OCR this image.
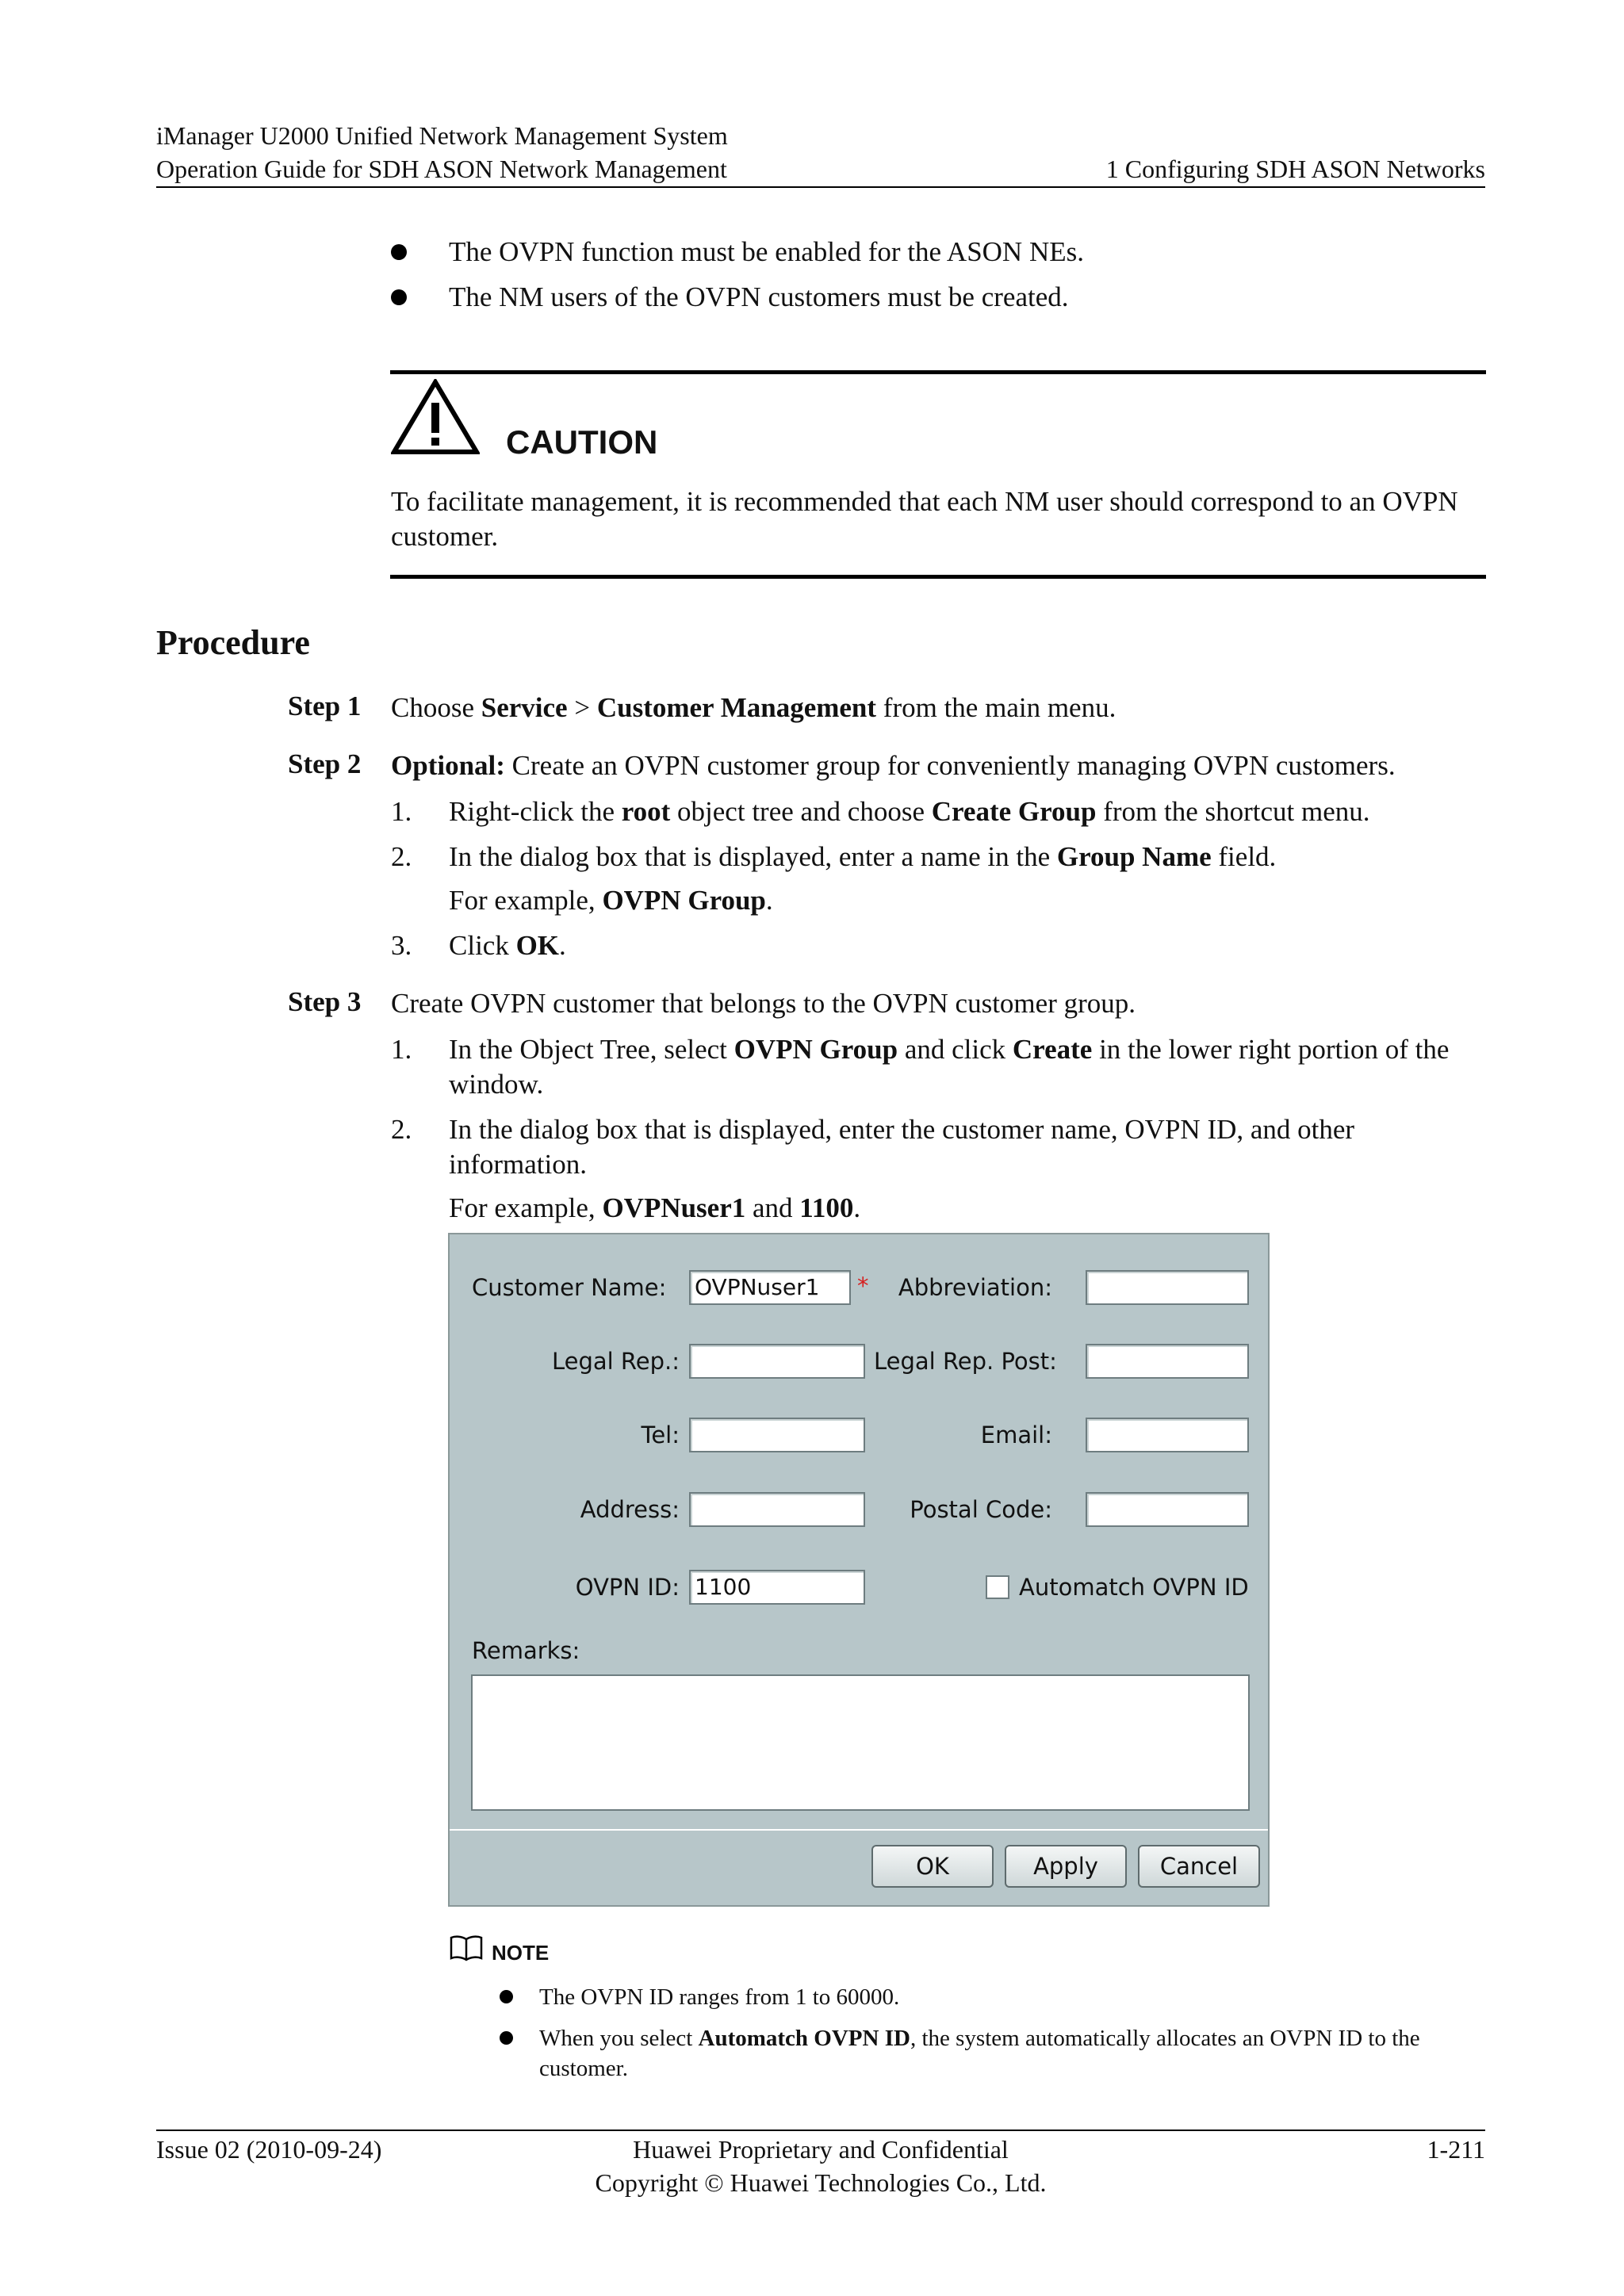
iManager U2000 Unified Network Management System
Operation Guide for SDH ASON Network Management	1 Configuring SDH ASON Networks
The OVPN function must be enabled for the ASON NEs.
The NM users of the OVPN customers must be created.
CAUTION
To facilitate management, it is recommended that each NM user should correspond to an OVPN customer.
Procedure
Step 1 Choose Service > Customer Management from the main menu.
Step 2 Optional: Create an OVPN customer group for conveniently managing OVPN customers.
1. Right-click the root object tree and choose Create Group from the shortcut menu.
2. In the dialog box that is displayed, enter a name in the Group Name field.
For example, OVPN Group.
3. Click OK.
Step 3 Create OVPN customer that belongs to the OVPN customer group.
1. In the Object Tree, select OVPN Group and click Create in the lower right portion of the
window.
2. In the dialog box that is displayed, enter the customer name, OVPN ID, and other
information.
For example, OVPNuser1 and 1100.
Customer Name: OVPNuser1	* Abbreviation:
Legal Rep.:	Legal Rep. Post:
Tel:	Email:
Address:	Postal Code:
OVPN ID: 1100	Automatch OVPN ID
Remarks:
OK	Apply	Cancel
NOTE
The OVPN ID ranges from 1 to 60000.
When you select Automatch OVPN ID, the system automatically allocates an OVPN ID to the
customer.
Issue 02 (2010-09-24)	Huawei Proprietary and Confidential
Copyright © Huawei Technologies Co., Ltd.
1-211
